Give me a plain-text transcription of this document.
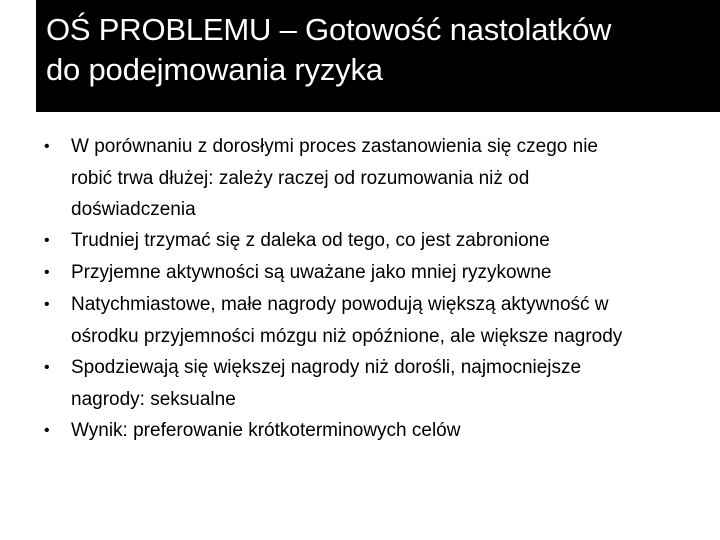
OŚ PROBLEMU – Gotowość nastolatków
do podejmowania ryzyka
• W porównaniu z dorosłymi proces zastanowienia się czego nie
robić trwa dłużej: zależy raczej od rozumowania niż od
doświadczenia
• Trudniej trzymać się z daleka od tego, co jest zabronione
• Przyjemne aktywności są uważane jako mniej ryzykowne
• Natychmiastowe, małe nagrody powodują większą aktywność w
ośrodku przyjemności mózgu niż opóźnione, ale większe nagrody
• Spodziewają się większej nagrody niż dorośli, najmocniejsze
nagrody: seksualne
• Wynik: preferowanie krótkoterminowych celów
